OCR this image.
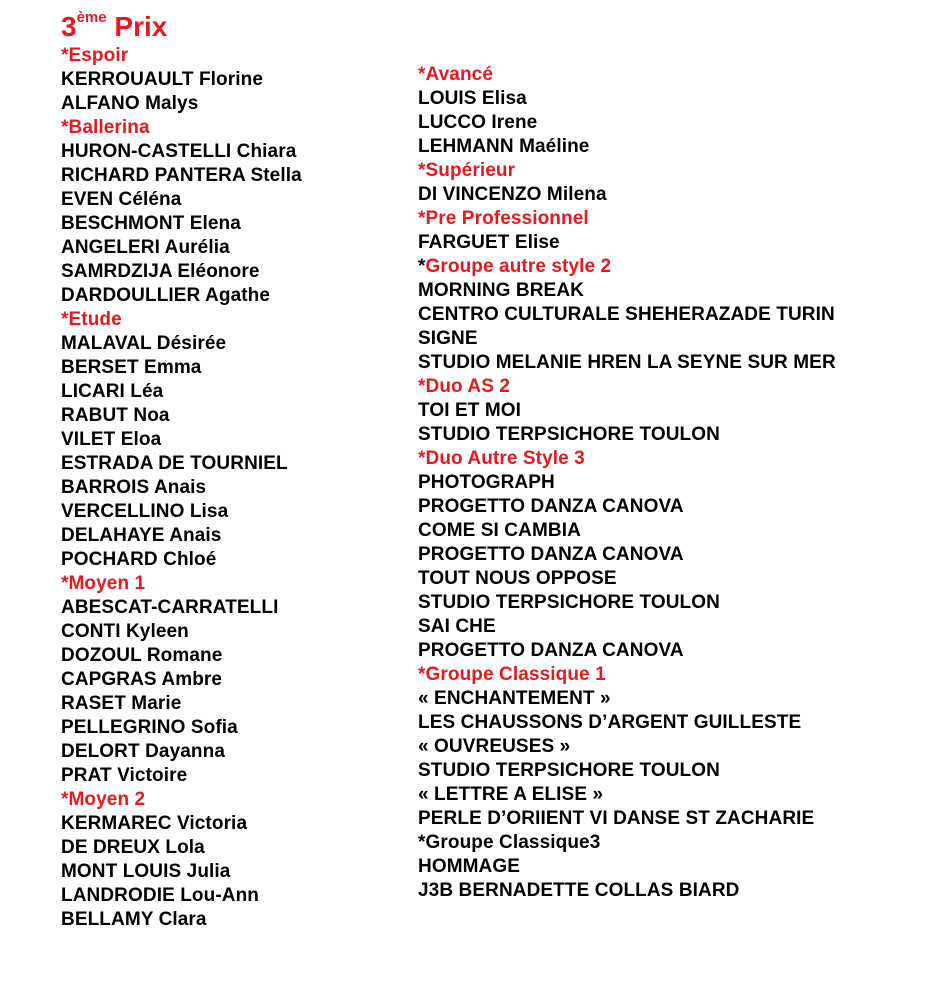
3ème Prix
*Espoir
KERROUAULT Florine
ALFANO Malys
*Ballerina
HURON-CASTELLI Chiara
RICHARD PANTERA Stella
EVEN Céléna
BESCHMONT Elena
ANGELERI Aurélia
SAMRDZIJA Eléonore
DARDOULLIER Agathe
*Etude
MALAVAL Désirée
BERSET Emma
LICARI Léa
RABUT Noa
VILET Eloa
ESTRADA DE TOURNIEL
BARROIS Anais
VERCELLINO Lisa
DELAHAYE Anais
POCHARD Chloé
*Moyen 1
ABESCAT-CARRATELLI
CONTI Kyleen
DOZOUL Romane
CAPGRAS Ambre
RASET Marie
PELLEGRINO Sofia
DELORT Dayanna
PRAT Victoire
*Moyen 2
KERMAREC Victoria
DE DREUX Lola
MONT LOUIS Julia
LANDRODIE Lou-Ann
BELLAMY Clara
*Avancé
LOUIS Elisa
LUCCO Irene
LEHMANN Maéline
*Supérieur
DI VINCENZO Milena
*Pre Professionnel
FARGUET Elise
*Groupe autre style 2
MORNING BREAK
CENTRO CULTURALE SHEHERAZADE TURIN
SIGNE
STUDIO MELANIE HREN LA SEYNE SUR MER
*Duo AS 2
TOI ET MOI
STUDIO TERPSICHORE TOULON
*Duo Autre Style 3
PHOTOGRAPH
PROGETTO DANZA CANOVA
COME SI CAMBIA
PROGETTO DANZA CANOVA
TOUT NOUS OPPOSE
STUDIO TERPSICHORE TOULON
SAI CHE
PROGETTO DANZA CANOVA
*Groupe Classique 1
« ENCHANTEMENT »
LES CHAUSSONS D’ARGENT GUILLESTE
« OUVREUSES »
STUDIO TERPSICHORE TOULON
« LETTRE A ELISE »
PERLE D’ORIIENT VI DANSE ST ZACHARIE
*Groupe Classique3
HOMMAGE
J3B BERNADETTE COLLAS BIARD
